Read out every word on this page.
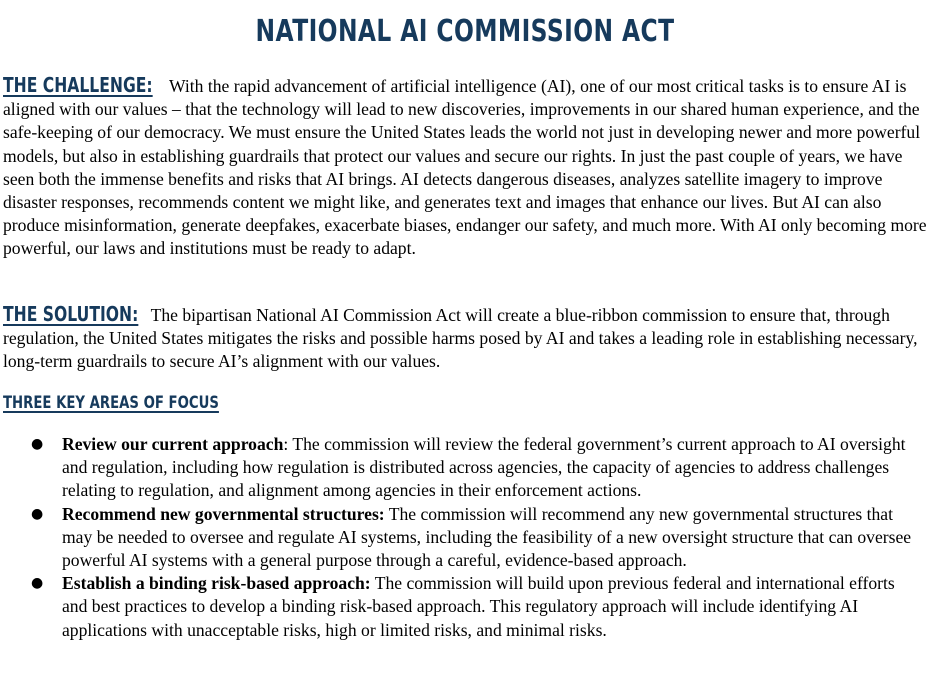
NATIONAL AI COMMISSION ACT

THE CHALLENGE: With the rapid advancement of artificial intelligence (AI), one of our most critical tasks is to ensure AI is aligned with our values – that the technology will lead to new discoveries, improvements in our shared human experience, and the safe-keeping of our democracy. We must ensure the United States leads the world not just in developing newer and more powerful models, but also in establishing guardrails that protect our values and secure our rights. In just the past couple of years, we have seen both the immense benefits and risks that AI brings. AI detects dangerous diseases, analyzes satellite imagery to improve disaster responses, recommends content we might like, and generates text and images that enhance our lives. But AI can also produce misinformation, generate deepfakes, exacerbate biases, endanger our safety, and much more. With AI only becoming more powerful, our laws and institutions must be ready to adapt.

THE SOLUTION: The bipartisan National AI Commission Act will create a blue-ribbon commission to ensure that, through regulation, the United States mitigates the risks and possible harms posed by AI and takes a leading role in establishing necessary, long-term guardrails to secure AI’s alignment with our values.

THREE KEY AREAS OF FOCUS
● Review our current approach: The commission will review the federal government’s current approach to AI oversight and regulation, including how regulation is distributed across agencies, the capacity of agencies to address challenges relating to regulation, and alignment among agencies in their enforcement actions.
● Recommend new governmental structures: The commission will recommend any new governmental structures that may be needed to oversee and regulate AI systems, including the feasibility of a new oversight structure that can oversee powerful AI systems with a general purpose through a careful, evidence-based approach.
● Establish a binding risk-based approach: The commission will build upon previous federal and international efforts and best practices to develop a binding risk-based approach. This regulatory approach will include identifying AI applications with unacceptable risks, high or limited risks, and minimal risks.
